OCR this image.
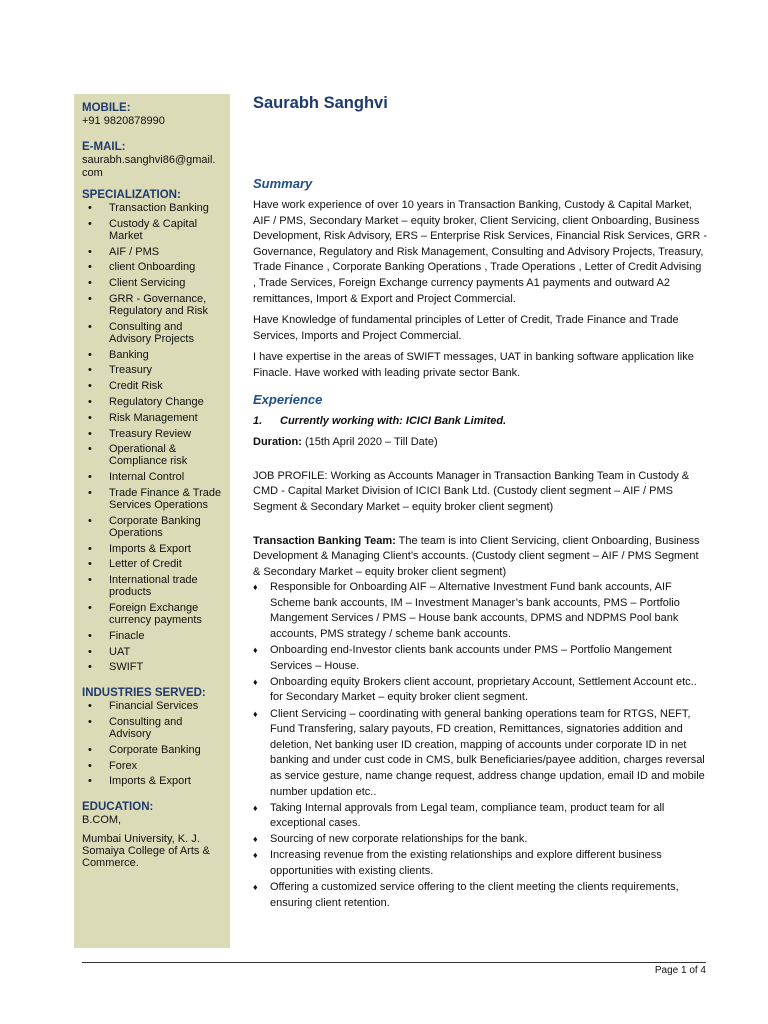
MOBILE:
+91 9820878990
E-MAIL:
saurabh.sanghvi86@gmail.
com
SPECIALIZATION:
• Transaction Banking
• Custody & Capital Market
• AIF / PMS
• client Onboarding
• Client Servicing
• GRR - Governance, Regulatory and Risk
• Consulting and Advisory Projects
• Banking
• Treasury
• Credit Risk
• Regulatory Change
• Risk Management
• Treasury Review
• Operational & Compliance risk
• Internal Control
• Trade Finance & Trade Services Operations
• Corporate Banking Operations
• Imports & Export
• Letter of Credit
• International trade products
• Foreign Exchange currency payments
• Finacle
• UAT
• SWIFT
INDUSTRIES SERVED:
• Financial Services
• Consulting and Advisory
• Corporate Banking
• Forex
• Imports & Export
EDUCATION:
B.COM,
Mumbai University, K. J. Somaiya College of Arts & Commerce.
Saurabh Sanghvi
Summary

Have work experience of over 10 years in Transaction Banking, Custody & Capital Market, AIF / PMS, Secondary Market – equity broker, Client Servicing, client Onboarding, Business Development, Risk Advisory, ERS – Enterprise Risk Services, Financial Risk Services, GRR - Governance, Regulatory and Risk Management, Consulting and Advisory Projects, Treasury, Trade Finance , Corporate Banking Operations , Trade Operations , Letter of Credit Advising , Trade Services, Foreign Exchange currency payments A1 payments and outward A2 remittances, Import & Export and Project Commercial.

Have Knowledge of fundamental principles of Letter of Credit, Trade Finance and Trade Services, Imports and Project Commercial.

I have expertise in the areas of SWIFT messages, UAT in banking software application like Finacle. Have worked with leading private sector Bank.

Experience

1. Currently working with: ICICI Bank Limited.

Duration: (15th April 2020 – Till Date)

JOB PROFILE: Working as Accounts Manager in Transaction Banking Team in Custody & CMD - Capital Market Division of ICICI Bank Ltd. (Custody client segment – AIF / PMS Segment & Secondary Market – equity broker client segment)

Transaction Banking Team: The team is into Client Servicing, client Onboarding, Business Development & Managing Client’s accounts. (Custody client segment – AIF / PMS Segment & Secondary Market – equity broker client segment)

♦ Responsible for Onboarding AIF – Alternative Investment Fund bank accounts, AIF Scheme bank accounts, IM – Investment Manager’s bank accounts, PMS – Portfolio Mangement Services / PMS – House bank accounts, DPMS and NDPMS Pool bank accounts, PMS strategy / scheme bank accounts.
♦ Onboarding end-Investor clients bank accounts under PMS – Portfolio Mangement Services – House.
♦ Onboarding equity Brokers client account, proprietary Account, Settlement Account etc.. for Secondary Market – equity broker client segment.
♦ Client Servicing – coordinating with general banking operations team for RTGS, NEFT, Fund Transfering, salary payouts, FD creation, Remittances, signatories addition and deletion, Net banking user ID creation, mapping of accounts under corporate ID in net banking and under cust code in CMS, bulk Beneficiaries/payee addition, charges reversal as service gesture, name change request, address change updation, email ID and mobile number updation etc..
♦ Taking Internal approvals from Legal team, compliance team, product team for all exceptional cases.
♦ Sourcing of new corporate relationships for the bank.
♦ Increasing revenue from the existing relationships and explore different business opportunities with existing clients.
♦ Offering a customized service offering to the client meeting the clients requirements, ensuring client retention.
Page 1 of 4
